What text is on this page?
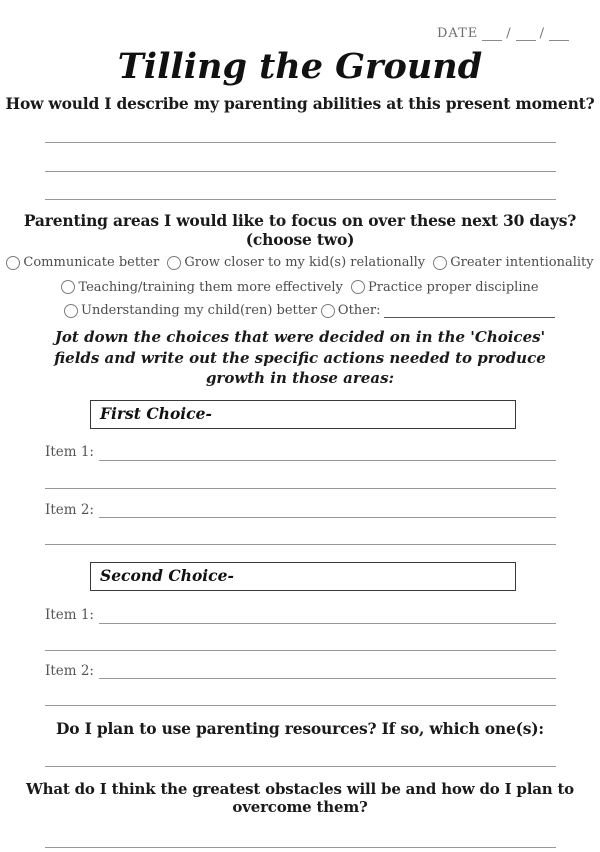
DATE / /
Tilling the Ground
How would I describe my parenting abilities at this present moment?
Parenting areas I would like to focus on over these next 30 days? (choose two)
Communicate better
Grow closer to my kid(s) relationally
Greater intentionality
Teaching/training them more effectively
Practice proper discipline
Understanding my child(ren) better Other:
Jot down the choices that were decided on in the 'Choices' fields and write out the specific actions needed to produce growth in those areas:
First Choice-
Item 1:
Item 2:
Second Choice-
Item 1:
Item 2:
Do I plan to use parenting resources? If so, which one(s):
What do I think the greatest obstacles will be and how do I plan to overcome them?
